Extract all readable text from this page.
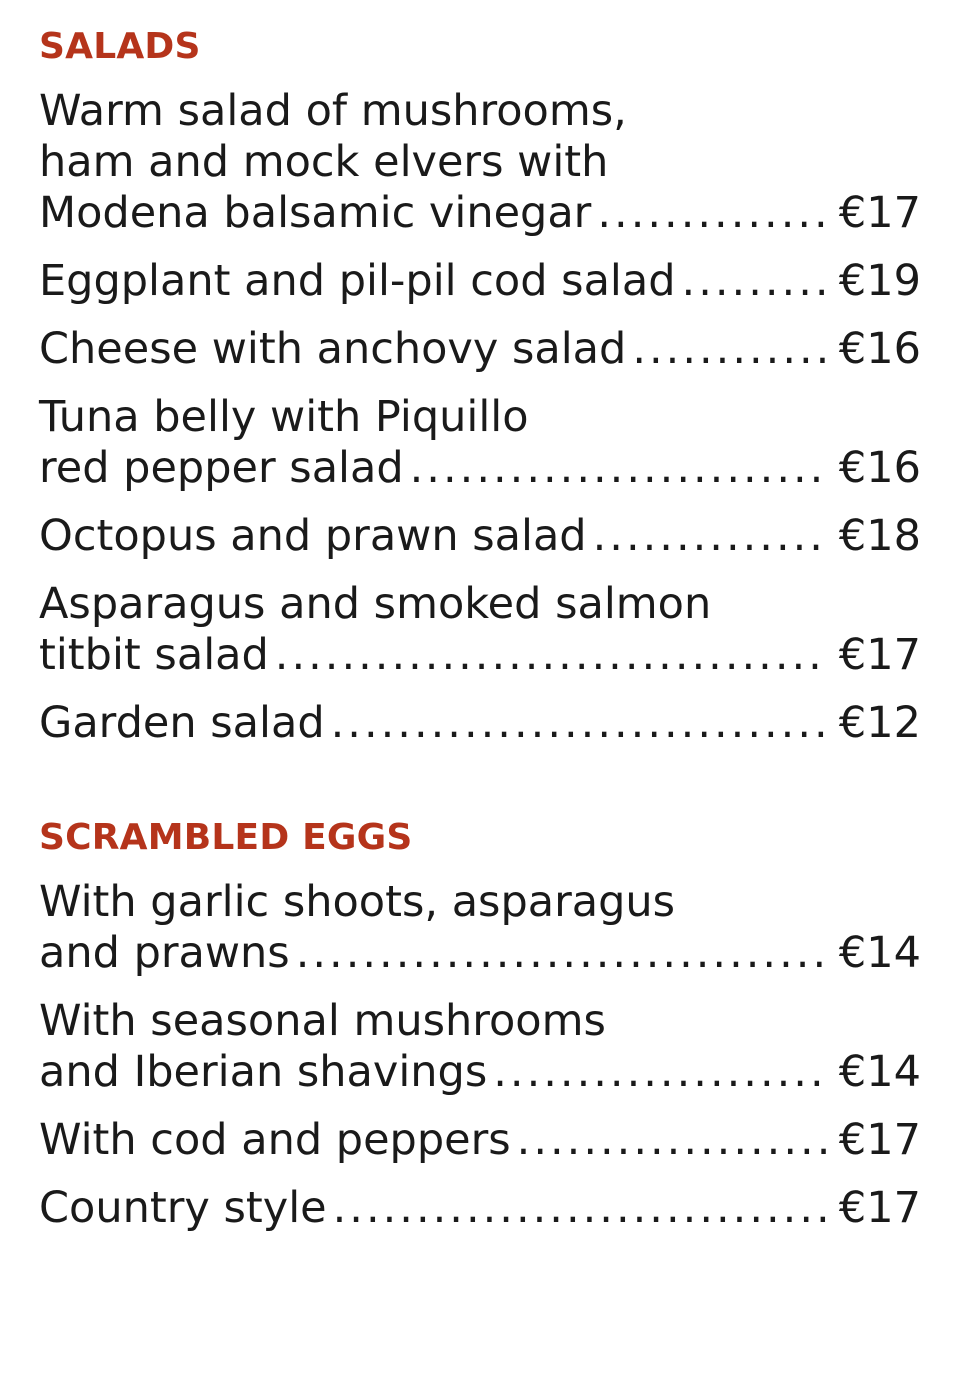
SALADS
Warm salad of mushrooms,
ham and mock elvers with
Modena balsamic vinegar .....	€17
Eggplant and pil-pil cod salad .....	€19
Cheese with anchovy salad .....	€16
Tuna belly with Piquillo
red pepper salad .....	€16
Octopus and prawn salad .....	€18
Asparagus and smoked salmon
titbit salad .....	€17
Garden salad .....	€12
SCRAMBLED EGGS
With garlic shoots, asparagus
and prawns .....	€14
With seasonal mushrooms
and Iberian shavings .....	€14
With cod and peppers .....	€17
Country style .....	€17
